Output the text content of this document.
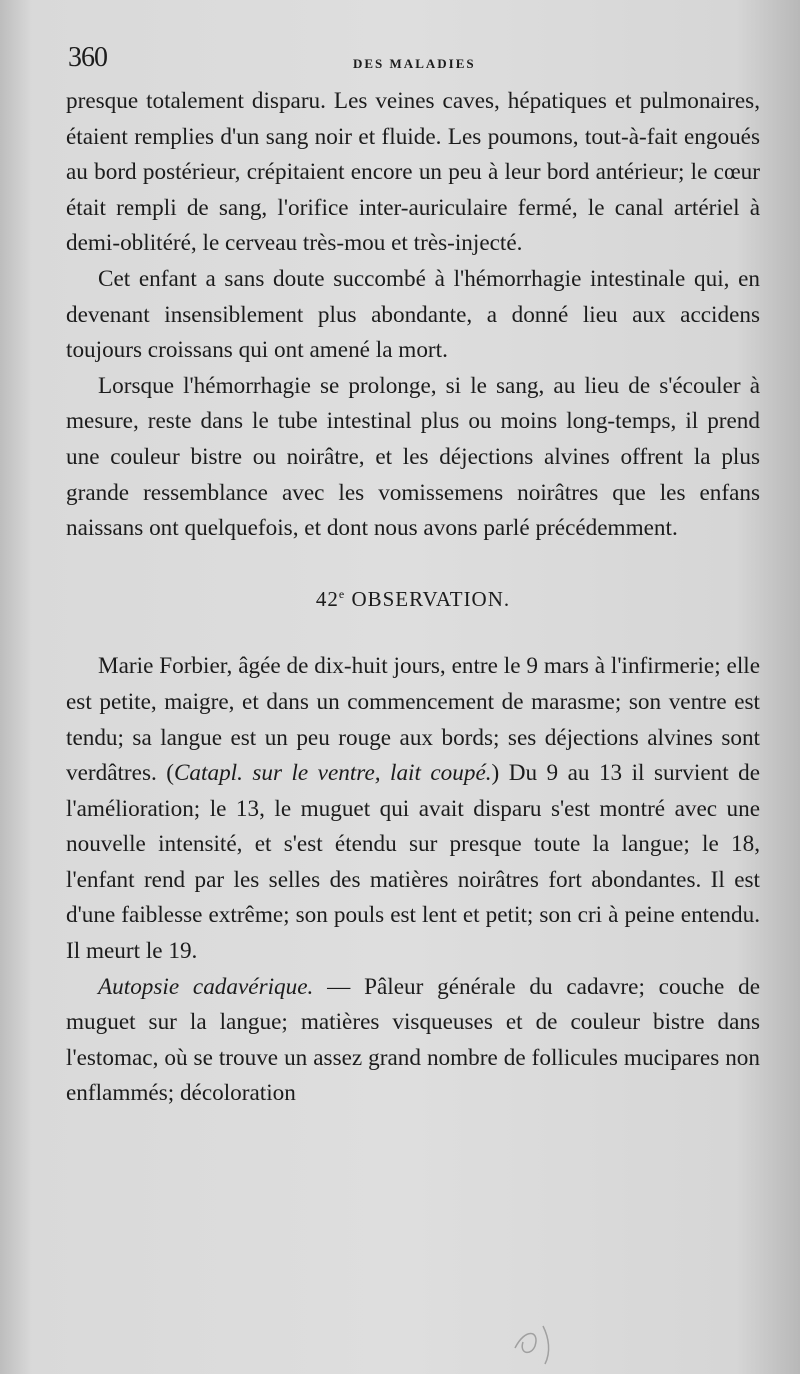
360	DES MALADIES

presque totalement disparu. Les veines caves, hépatiques et pulmonaires, étaient remplies d'un sang noir et fluide. Les poumons, tout-à-fait engoués au bord postérieur, crépitaient encore un peu à leur bord antérieur; le cœur était rempli de sang, l'orifice inter-auriculaire fermé, le canal artériel à demi-oblitéré, le cerveau très-mou et très-injecté.

Cet enfant a sans doute succombé à l'hémorrhagie intestinale qui, en devenant insensiblement plus abondante, a donné lieu aux accidens toujours croissans qui ont amené la mort.

Lorsque l'hémorrhagie se prolonge, si le sang, au lieu de s'écouler à mesure, reste dans le tube intestinal plus ou moins long-temps, il prend une couleur bistre ou noirâtre, et les déjections alvines offrent la plus grande ressemblance avec les vomissemens noirâtres que les enfans naissans ont quelquefois, et dont nous avons parlé précédemment.

42e OBSERVATION.

Marie Forbier, âgée de dix-huit jours, entre le 9 mars à l'infirmerie; elle est petite, maigre, et dans un commencement de marasme; son ventre est tendu; sa langue est un peu rouge aux bords; ses déjections alvines sont verdâtres. (Catapl. sur le ventre, lait coupé.) Du 9 au 13 il survient de l'amélioration; le 13, le muguet qui avait disparu s'est montré avec une nouvelle intensité, et s'est étendu sur presque toute la langue; le 18, l'enfant rend par les selles des matières noirâtres fort abondantes. Il est d'une faiblesse extrême; son pouls est lent et petit; son cri à peine entendu. Il meurt le 19.

Autopsie cadavérique. — Pâleur générale du cadavre; couche de muguet sur la langue; matières visqueuses et de couleur bistre dans l'estomac, où se trouve un assez grand nombre de follicules mucipares non enflammés; décoloration
